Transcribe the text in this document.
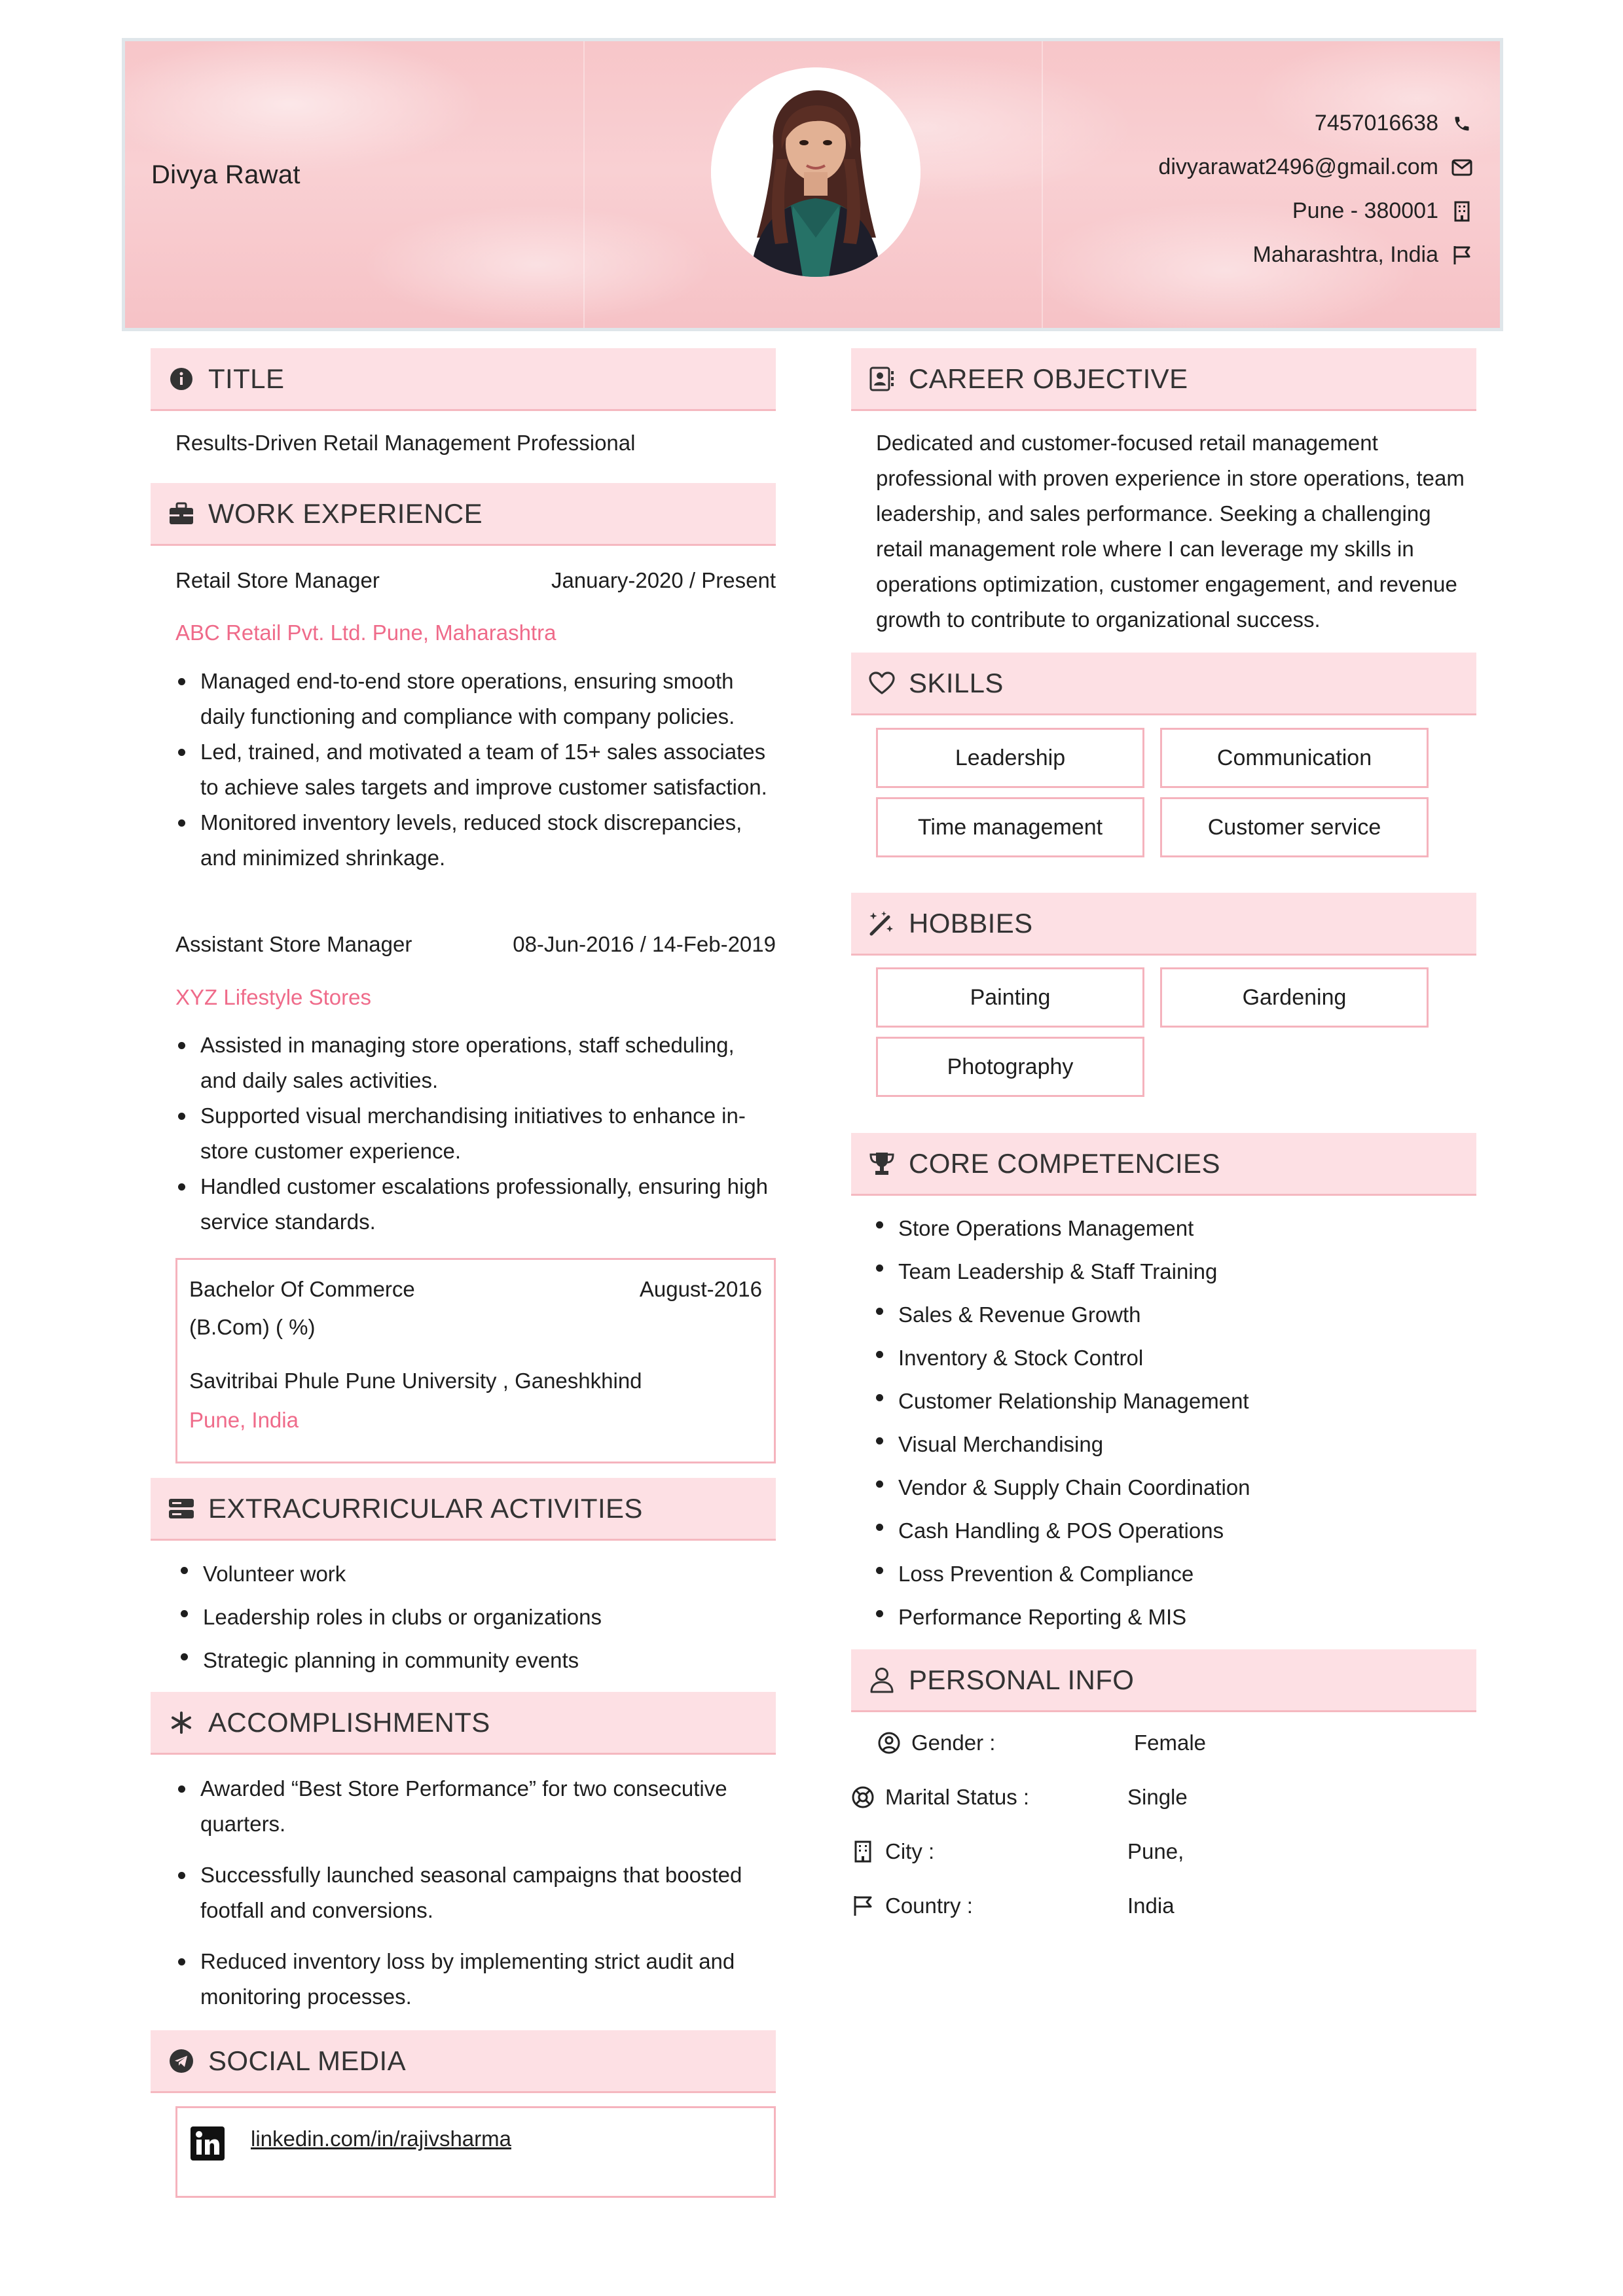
Divya Rawat
7457016638
divyarawat2496@gmail.com
Pune - 380001
Maharashtra, India
TITLE
Results-Driven Retail Management Professional
WORK EXPERIENCE
Retail Store Manager	January-2020 / Present
ABC Retail Pvt. Ltd. Pune, Maharashtra
Managed end-to-end store operations, ensuring smooth daily functioning and compliance with company policies.
Led, trained, and motivated a team of 15+ sales associates to achieve sales targets and improve customer satisfaction.
Monitored inventory levels, reduced stock discrepancies, and minimized shrinkage.
Assistant Store Manager	08-Jun-2016 / 14-Feb-2019
XYZ Lifestyle Stores
Assisted in managing store operations, staff scheduling, and daily sales activities.
Supported visual merchandising initiatives to enhance in-store customer experience.
Handled customer escalations professionally, ensuring high service standards.
Bachelor Of Commerce	August-2016
(B.Com) ( %)
Savitribai Phule Pune University , Ganeshkhind
Pune, India
EXTRACURRICULAR ACTIVITIES
Volunteer work
Leadership roles in clubs or organizations
Strategic planning in community events
ACCOMPLISHMENTS
Awarded “Best Store Performance” for two consecutive quarters.
Successfully launched seasonal campaigns that boosted footfall and conversions.
Reduced inventory loss by implementing strict audit and monitoring processes.
SOCIAL MEDIA
linkedin.com/in/rajivsharma
CAREER OBJECTIVE
Dedicated and customer-focused retail management professional with proven experience in store operations, team leadership, and sales performance. Seeking a challenging retail management role where I can leverage my skills in operations optimization, customer engagement, and revenue growth to contribute to organizational success.
SKILLS
Leadership	Communication
Time management	Customer service
HOBBIES
Painting	Gardening
Photography
CORE COMPETENCIES
Store Operations Management
Team Leadership & Staff Training
Sales & Revenue Growth
Inventory & Stock Control
Customer Relationship Management
Visual Merchandising
Vendor & Supply Chain Coordination
Cash Handling & POS Operations
Loss Prevention & Compliance
Performance Reporting & MIS
PERSONAL INFO
Gender :	Female
Marital Status :	Single
City :	Pune,
Country :	India
